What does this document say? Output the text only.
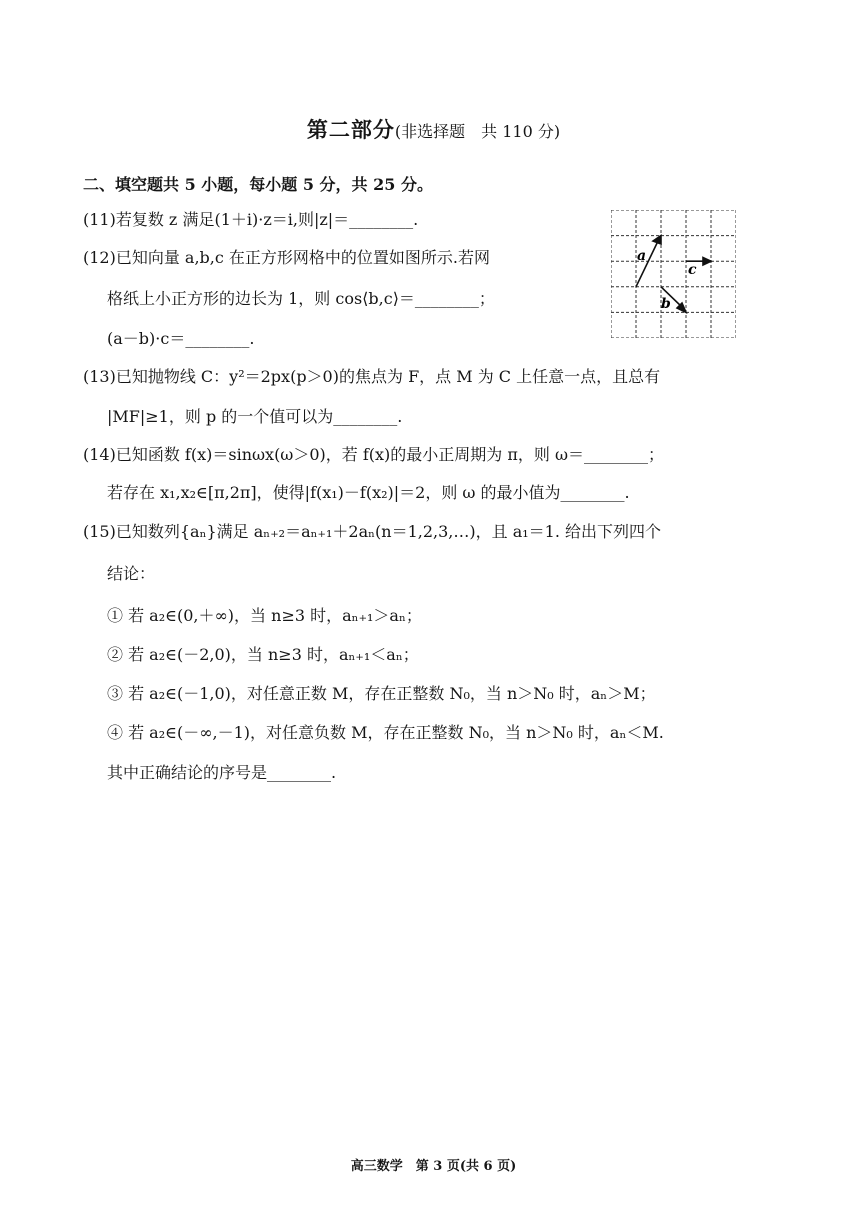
第二部分(非选择题　共 110 分)
二、填空题共 5 小题，每小题 5 分，共 25 分。
(11)若复数 z 满足(1＋i)·z＝i,则|z|＝________.
(12)已知向量 a,b,c 在正方形网格中的位置如图所示.若网
格纸上小正方形的边长为 1，则 cos⟨b,c⟩＝________；
(a－b)·c＝________.
a
c
b
(13)已知抛物线 C：y²＝2px(p＞0)的焦点为 F，点 M 为 C 上任意一点，且总有
|MF|≥1，则 p 的一个值可以为________.
(14)已知函数 f(x)＝sinωx(ω＞0)，若 f(x)的最小正周期为 π，则 ω＝________；
若存在 x₁,x₂∈[π,2π]，使得|f(x₁)－f(x₂)|＝2，则 ω 的最小值为________.
(15)已知数列{aₙ}满足 aₙ₊₂＝aₙ₊₁＋2aₙ(n＝1,2,3,…)，且 a₁＝1. 给出下列四个
结论：
① 若 a₂∈(0,＋∞)，当 n≥3 时，aₙ₊₁＞aₙ；
② 若 a₂∈(－2,0)，当 n≥3 时，aₙ₊₁＜aₙ；
③ 若 a₂∈(－1,0)，对任意正数 M，存在正整数 N₀，当 n＞N₀ 时，aₙ＞M；
④ 若 a₂∈(－∞,－1)，对任意负数 M，存在正整数 N₀，当 n＞N₀ 时，aₙ＜M.
其中正确结论的序号是________.
高三数学　第 3 页(共 6 页)
